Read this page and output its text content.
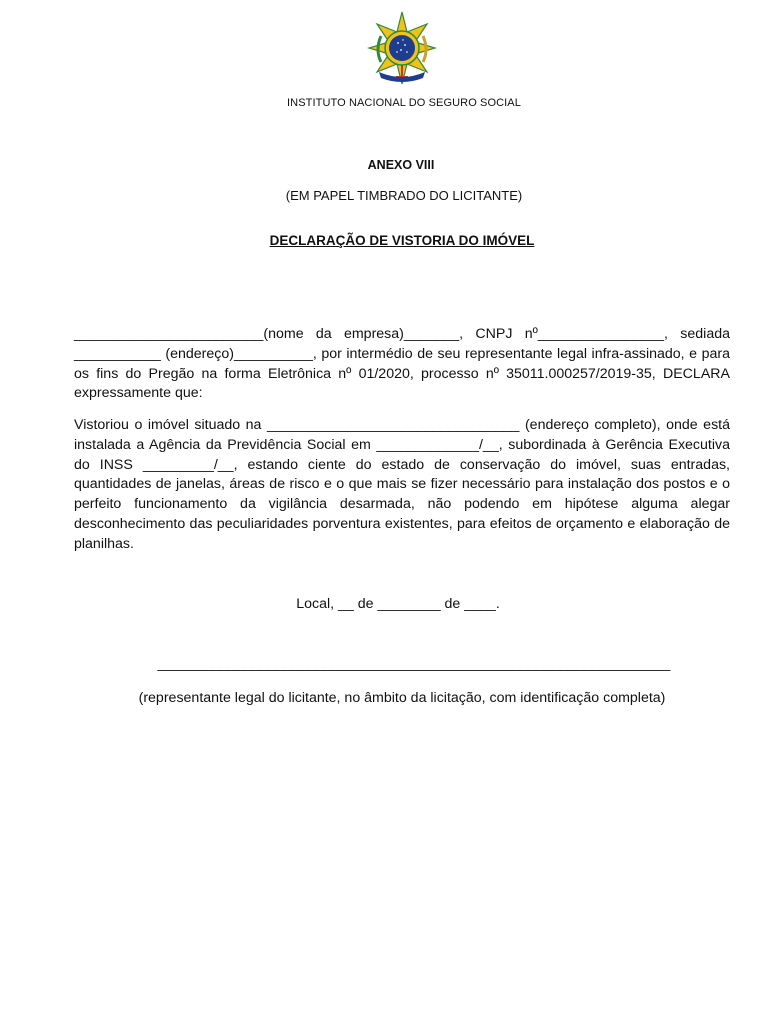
INSTITUTO NACIONAL DO SEGURO SOCIAL
ANEXO VIII
(EM PAPEL TIMBRADO DO LICITANTE)
DECLARAÇÃO DE VISTORIA DO IMÓVEL

________________________(nome da empresa)_______, CNPJ nº________________, sediada ___________ (endereço)__________, por intermédio de seu representante legal infra-assinado, e para os fins do Pregão na forma Eletrônica nº 01/2020, processo nº 35011.000257/2019-35, DECLARA expressamente que:

Vistoriou o imóvel situado na ________________________________ (endereço completo), onde está instalada a Agência da Previdência Social em _____________/__, subordinada à Gerência Executiva do INSS _________/__, estando ciente do estado de conservação do imóvel, suas entradas, quantidades de janelas, áreas de risco e o que mais se fizer necessário para instalação dos postos e o perfeito funcionamento da vigilância desarmada, não podendo em hipótese alguma alegar desconhecimento das peculiaridades porventura existentes, para efeitos de orçamento e elaboração de planilhas.

Local, __ de ________ de ____.
_________________________________________________________________
(representante legal do licitante, no âmbito da licitação, com identificação completa)
